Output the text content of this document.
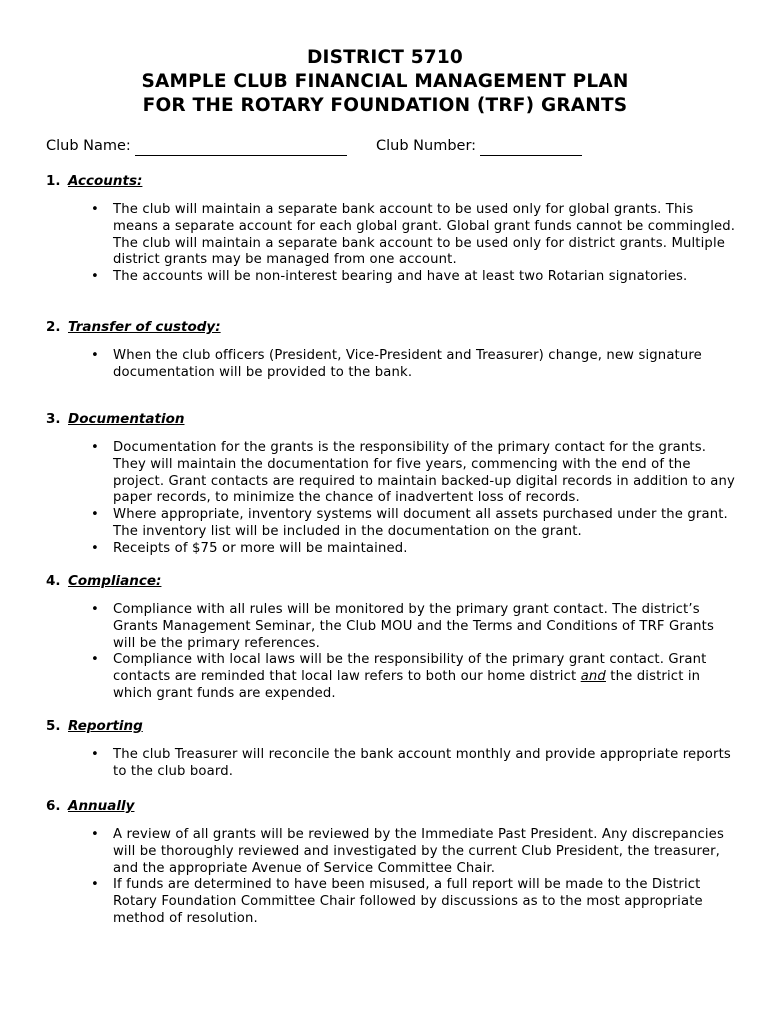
DISTRICT 5710
SAMPLE CLUB FINANCIAL MANAGEMENT PLAN
FOR THE ROTARY FOUNDATION (TRF) GRANTS
Club Name:	Club Number:
1. Accounts:
• The club will maintain a separate bank account to be used only for global grants. This means a separate account for each global grant. Global grant funds cannot be commingled.
The club will maintain a separate bank account to be used only for district grants. Multiple district grants may be managed from one account.
• The accounts will be non-interest bearing and have at least two Rotarian signatories.
2. Transfer of custody:
• When the club officers (President, Vice-President and Treasurer) change, new signature documentation will be provided to the bank.
3. Documentation
• Documentation for the grants is the responsibility of the primary contact for the grants. They will maintain the documentation for five years, commencing with the end of the project. Grant contacts are required to maintain backed-up digital records in addition to any paper records, to minimize the chance of inadvertent loss of records.
• Where appropriate, inventory systems will document all assets purchased under the grant. The inventory list will be included in the documentation on the grant.
• Receipts of $75 or more will be maintained.
4. Compliance:
• Compliance with all rules will be monitored by the primary grant contact. The district’s Grants Management Seminar, the Club MOU and the Terms and Conditions of TRF Grants will be the primary references.
• Compliance with local laws will be the responsibility of the primary grant contact. Grant contacts are reminded that local law refers to both our home district and the district in which grant funds are expended.
5. Reporting
• The club Treasurer will reconcile the bank account monthly and provide appropriate reports to the club board.
6. Annually
• A review of all grants will be reviewed by the Immediate Past President. Any discrepancies will be thoroughly reviewed and investigated by the current Club President, the treasurer, and the appropriate Avenue of Service Committee Chair.
• If funds are determined to have been misused, a full report will be made to the District Rotary Foundation Committee Chair followed by discussions as to the most appropriate method of resolution.
